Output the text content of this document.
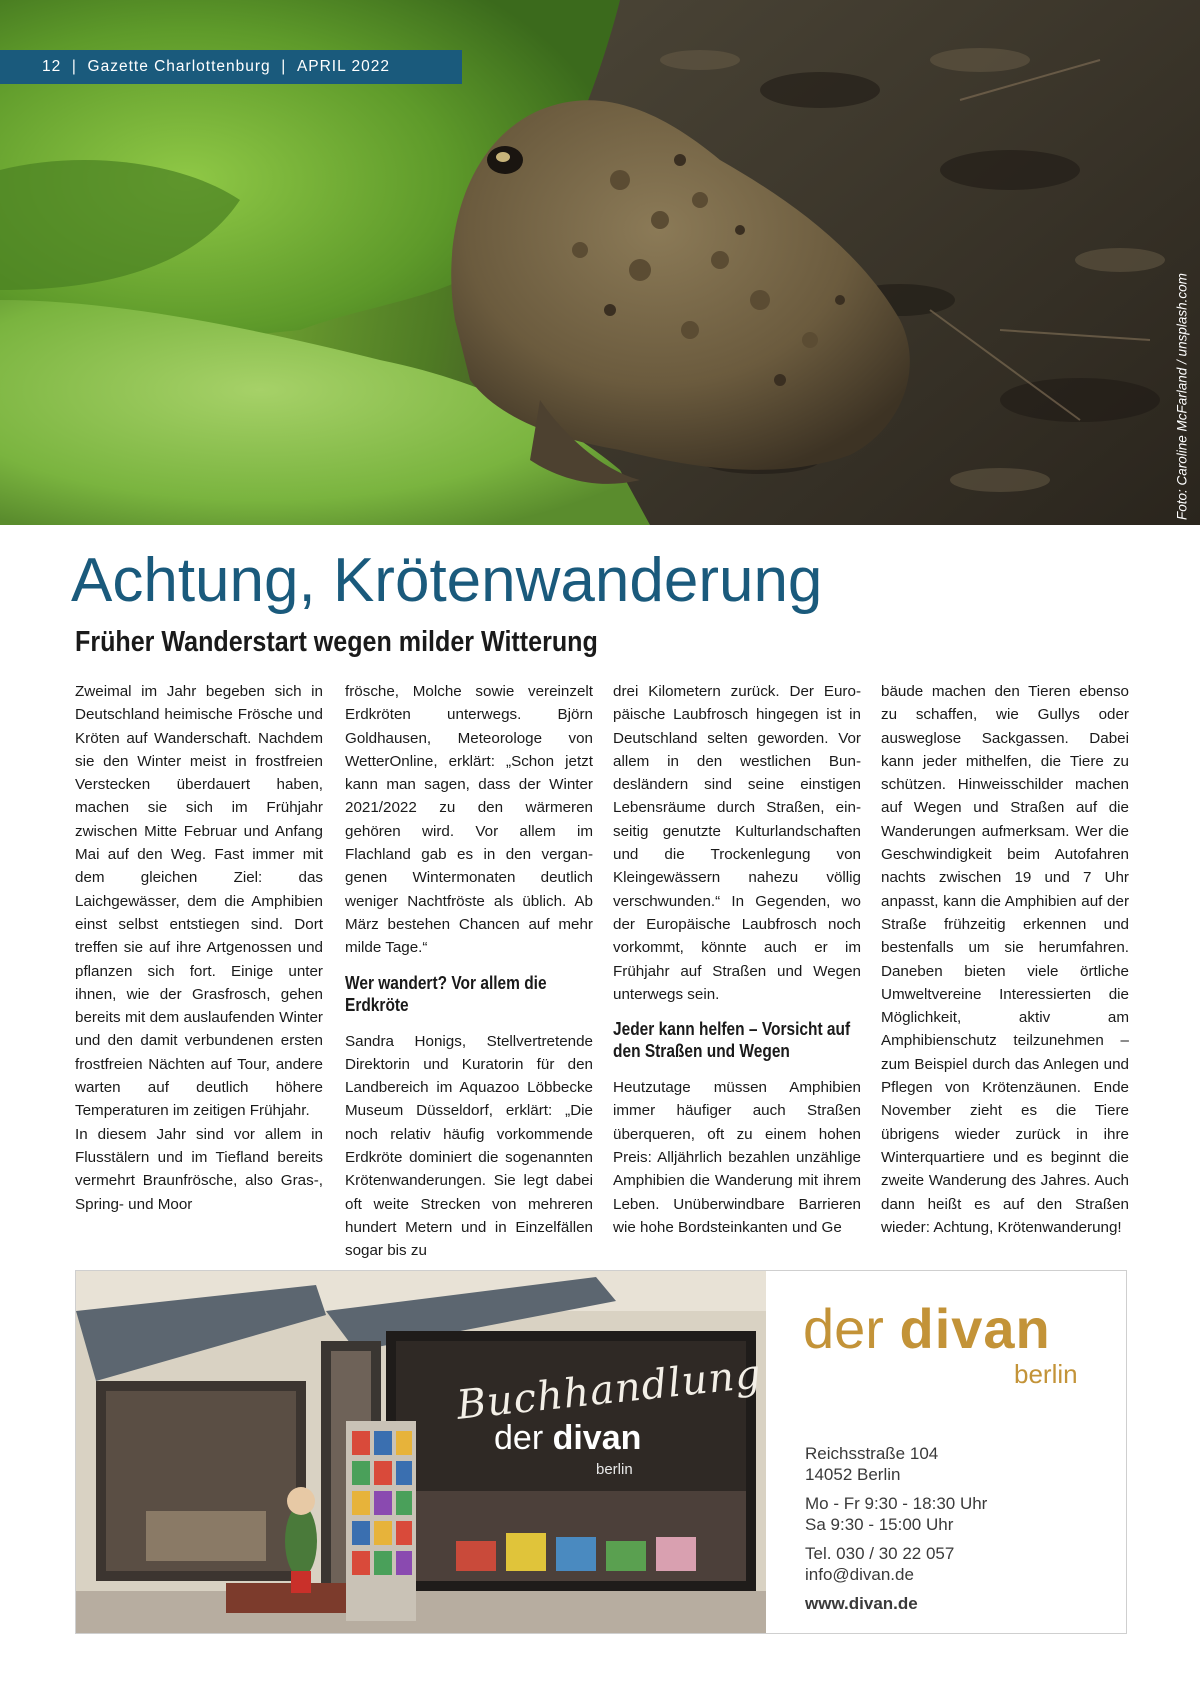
12
|
Gazette Charlottenburg
|
APRIL 2022
Foto: Caroline McFarland / unsplash.com
Achtung, Krötenwanderung
Früher Wanderstart wegen milder Witterung

Zweimal im Jahr begeben sich in Deutschland heimische Frösche und Kröten auf Wanderschaft. Nachdem sie den Winter meist in frostfreien Verstecken überdauert haben, machen sie sich im Frühjahr zwischen Mitte Februar und Anfang Mai auf den Weg. Fast immer mit dem gleichen Ziel: das Laichgewässer, dem die Amphibien einst selbst entstiegen sind. Dort treffen sie auf ihre Artgenossen und pflanzen sich fort. Einige unter ihnen, wie der Grasfrosch, gehen bereits mit dem auslaufenden Winter und den damit verbundenen ersten frostfreien Nächten auf Tour, andere warten auf deutlich höhere Temperaturen im zeitigen Frühjahr.

In diesem Jahr sind vor allem in Flusstälern und im Tiefland bereits vermehrt Braunfrösche, also Gras-, Spring- und Moor

frösche, Molche sowie vereinzelt Erdkröten unterwegs. Björn Goldhausen, Meteorologe von WetterOnline, erklärt: „Schon jetzt kann man sagen, dass der Winter 2021/2022 zu den wärmeren gehören wird. Vor allem im Flachland gab es in den vergangenen Wintermonaten deutlich weniger Nachtfröste als üblich. Ab März bestehen Chancen auf mehr milde Tage.“

Wer wandert? Vor allem die Erdkröte

Sandra Honigs, Stellvertretende Direktorin und Kuratorin für den Landbereich im Aquazoo Löbbecke Museum Düsseldorf, erklärt: „Die noch relativ häufig vorkommende Erdkröte dominiert die sogenannten Krötenwanderungen. Sie legt dabei oft weite Strecken von mehreren hundert Metern und in Einzelfällen sogar bis zu

drei Kilometern zurück. Der Europäische Laubfrosch hingegen ist in Deutschland selten geworden. Vor allem in den westlichen Bundesländern sind seine einstigen Lebensräume durch Straßen, einseitig genutzte Kulturlandschaften und die Trockenlegung von Kleingewässern nahezu völlig verschwunden.“ In Gegenden, wo der Europäische Laubfrosch noch vorkommt, könnte auch er im Frühjahr auf Straßen und Wegen unterwegs sein.

Jeder kann helfen – Vorsicht auf den Straßen und Wegen

Heutzutage müssen Amphibien immer häufiger auch Straßen überqueren, oft zu einem hohen Preis: Alljährlich bezahlen unzählige Amphibien die Wanderung mit ihrem Leben. Unüberwindbare Barrieren wie hohe Bordsteinkanten und Ge

bäude machen den Tieren ebenso zu schaffen, wie Gullys oder ausweglose Sackgassen. Dabei kann jeder mithelfen, die Tiere zu schützen. Hinweisschilder machen auf Wegen und Straßen auf die Wanderungen aufmerksam. Wer die Geschwindigkeit beim Autofahren nachts zwischen 19 und 7 Uhr anpasst, kann die Amphibien auf der Straße frühzeitig erkennen und bestenfalls um sie herumfahren. Daneben bieten viele örtliche Umweltvereine Interessierten die Möglichkeit, aktiv am Amphibienschutz teilzunehmen – zum Beispiel durch das Anlegen und Pflegen von Krötenzäunen. Ende November zieht es die Tiere übrigens wieder zurück in ihre Winterquartiere und es beginnt die zweite Wanderung des Jahres. Auch dann heißt es auf den Straßen wieder: Achtung, Krötenwanderung!

Buchhandlung
der divan
berlin
der divan
berlin
Reichsstraße 104
14052 Berlin
Mo - Fr 9:30 - 18:30 Uhr
Sa 9:30 - 15:00 Uhr
Tel. 030 / 30 22 057
info@divan.de
www.divan.de
